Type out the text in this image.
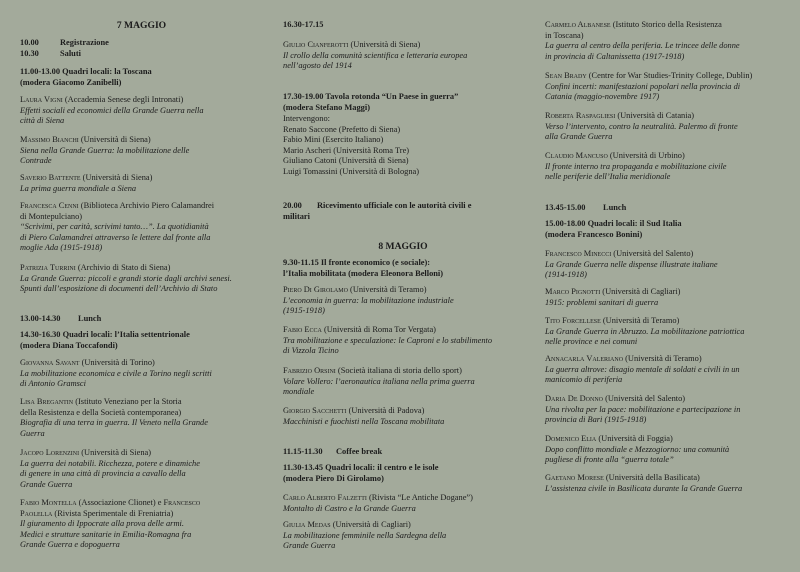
7 MAGGIO
10.00	Registrazione
10.30	Saluti
11.00-13.00 Quadri locali: la Toscana
(modera Giacomo Zanibelli)
Laura Vigni (Accademia Senese degli Intronati)
Effetti sociali ed economici della Grande Guerra nella
città di Siena
Massimo Bianchi (Università di Siena)
Siena nella Grande Guerra: la mobilitazione delle
Contrade
Saverio Battente (Università di Siena)
La prima guerra mondiale a Siena
Francesca Cenni (Biblioteca Archivio Piero Calamandrei
di Montepulciano)
“Scrivimi, per carità, scrivimi tanto…”. La quotidianità
di Piero Calamandrei attraverso le lettere dal fronte alla
moglie Ada (1915-1918)
Patrizia Turrini (Archivio di Stato di Siena)
La Grande Guerra: piccoli e grandi storie dagli archivi senesi.
Spunti dall’esposizione di documenti dell’Archivio di Stato
13.00-14.30 Lunch
14.30-16.30 Quadri locali: l’Italia settentrionale
(modera Diana Toccafondi)
Giovanna Savant (Università di Torino)
La mobilitazione economica e civile a Torino negli scritti
di Antonio Gramsci
Lisa Bregantin (Istituto Veneziano per la Storia
della Resistenza e della Società contemporanea)
Biografia di una terra in guerra. Il Veneto nella Grande
Guerra
Jacopo Lorenzini (Università di Siena)
La guerra dei notabili. Ricchezza, potere e dinamiche
di genere in una città di provincia a cavallo della
Grande Guerra
Fabio Montella (Associazione Clionet) e Francesco
Paolella (Rivista Sperimentale di Freniatria)
Il giuramento di Ippocrate alla prova delle armi.
Medici e strutture sanitarie in Emilia-Romagna fra
Grande Guerra e dopoguerra
16.30-17.15
Giulio Cianferotti (Università di Siena)
Il crollo della comunità scientifica e letteraria europea
nell’agosto del 1914
17.30-19.00 Tavola rotonda “Un Paese in guerra”
(modera Stefano Maggi)
Intervengono:
Renato Saccone (Prefetto di Siena)
Fabio Mini (Esercito Italiano)
Mario Ascheri (Università Roma Tre)
Giuliano Catoni (Università di Siena)
Luigi Tomassini (Università di Bologna)
20.00 Ricevimento ufficiale con le autorità civili e
militari
8 MAGGIO
9.30-11.15 Il fronte economico (e sociale):
l’Italia mobilitata (modera Eleonora Belloni)
Piero Di Girolamo (Università di Teramo)
L’economia in guerra: la mobilitazione industriale
(1915-1918)
Fabio Ecca (Università di Roma Tor Vergata)
Tra mobilitazione e speculazione: le Caproni e lo stabilimento
di Vizzola Ticino
Fabrizio Orsini (Società italiana di storia dello sport)
Volare Vollero: l’aeronautica italiana nella prima guerra
mondiale
Giorgio Sacchetti (Università di Padova)
Macchinisti e fuochisti nella Toscana mobilitata
11.15-11.30 Coffee break
11.30-13.45 Quadri locali: il centro e le isole
(modera Piero Di Girolamo)
Carlo Alberto Falzetti (Rivista “Le Antiche Dogane”)
Montalto di Castro e la Grande Guerra
Giulia Medas (Università di Cagliari)
La mobilitazione femminile nella Sardegna della
Grande Guerra
Carmelo Albanese (Istituto Storico della Resistenza
in Toscana)
La guerra al centro della periferia. Le trincee delle donne
in provincia di Caltanissetta (1917-1918)
Sean Brady (Centre for War Studies-Trinity College, Dublin)
Confini incerti: manifestazioni popolari nella provincia di
Catania (maggio-novembre 1917)
Roberta Raspagliesi (Università di Catania)
Verso l’intervento, contro la neutralità. Palermo di fronte
alla Grande Guerra
Claudio Mancuso (Università di Urbino)
Il fronte interno tra propaganda e mobilitazione civile
nelle periferie dell’Italia meridionale
13.45-15.00 Lunch
15.00-18.00 Quadri locali: il Sud Italia
(modera Francesco Bonini)
Francesco Minecci (Università del Salento)
La Grande Guerra nelle dispense illustrate italiane
(1914-1918)
Marco Pignotti (Università di Cagliari)
1915: problemi sanitari di guerra
Tito Forcellese (Università di Teramo)
La Grande Guerra in Abruzzo. La mobilitazione patriottica
nelle province e nei comuni
Annacarla Valeriano (Università di Teramo)
La guerra altrove: disagio mentale di soldati e civili in un
manicomio di periferia
Daria De Donno (Università del Salento)
Una rivolta per la pace: mobilitazione e partecipazione in
provincia di Bari (1915-1918)
Domenico Elia (Università di Foggia)
Dopo conflitto mondiale e Mezzogiorno: una comunità
pugliese di fronte alla “guerra totale”
Gaetano Morese (Università della Basilicata)
L’assistenza civile in Basilicata durante la Grande Guerra
